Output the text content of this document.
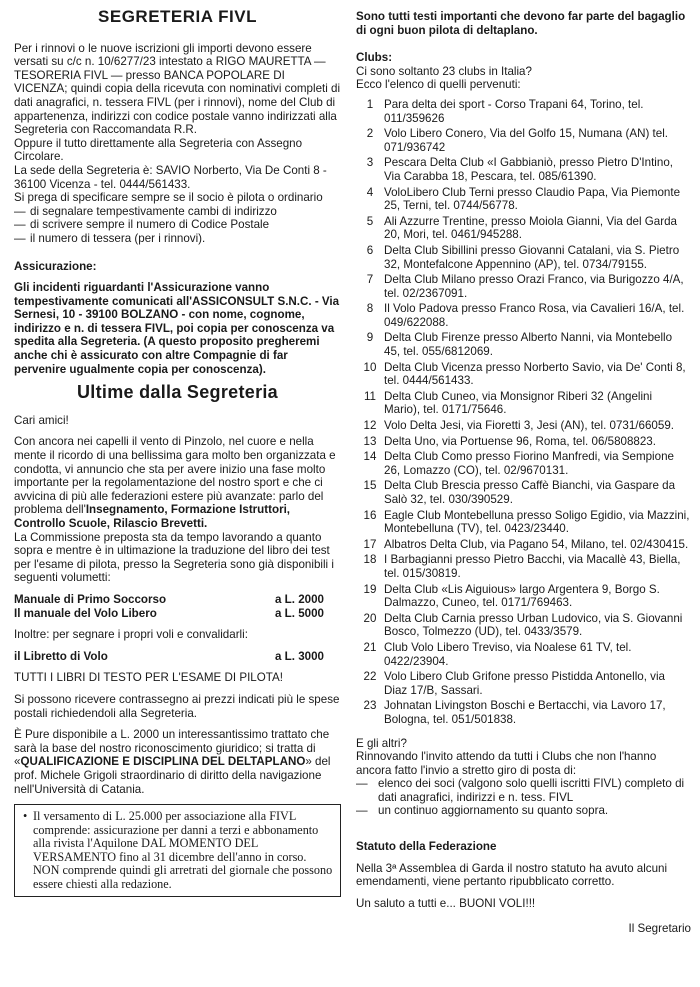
SEGRETERIA FIVL

Per i rinnovi o le nuove iscrizioni gli importi devono essere versati su c/c n. 10/6277/23 intestato a RIGO MAURETTA — TESORERIA FIVL — presso BANCA POPOLARE DI VICENZA; quindi copia della ricevuta con nominativi completi di dati anagrafici, n. tessera FIVL (per i rinnovi), nome del Club di appartenenza, indirizzi con codice postale vanno indirizzati alla Segreteria con Raccomandata R.R.

Oppure il tutto direttamente alla Segreteria con Assegno Circolare.

La sede della Segreteria è: SAVIO Norberto, Via De Conti 8 - 36100 Vicenza - tel. 0444/561433.

Si prega di specificare sempre se il socio è pilota o ordinario

— di segnalare tempestivamente cambi di indirizzo
— di scrivere sempre il numero di Codice Postale
— il numero di tessera (per i rinnovi).

Assicurazione:

Gli incidenti riguardanti l'Assicurazione vanno tempestivamente comunicati all'ASSICONSULT S.N.C. - Via Sernesi, 10 - 39100 BOLZANO - con nome, cognome, indirizzo e n. di tessera FIVL, poi copia per conoscenza va spedita alla Segreteria. (A questo proposito pregheremi anche chi è assicurato con altre Compagnie di far pervenire ugualmente copia per conoscenza).

Ultime dalla Segreteria

Cari amici!

Con ancora nei capelli il vento di Pinzolo, nel cuore e nella mente il ricordo di una bellissima gara molto ben organizzata e condotta, vi annuncio che sta per avere inizio una fase molto importante per la regolamentazione del nostro sport e che ci avvicina di più alle federazioni estere più avanzate: parlo del problema dell'Insegnamento, Formazione Istruttori, Controllo Scuole, Rilascio Brevetti.

La Commissione preposta sta da tempo lavorando a quanto sopra e mentre è in ultimazione la traduzione del libro dei test per l'esame di pilota, presso la Segreteria sono già disponibili i seguenti volumetti:

Manuale di Primo Soccorso	a L. 2000
Il manuale del Volo Libero	a L. 5000

Inoltre: per segnare i propri voli e convalidarli:

il Libretto di Volo	a L. 3000

TUTTI I LIBRI DI TESTO PER L'ESAME DI PILOTA!

Si possono ricevere contrassegno ai prezzi indicati più le spese postali richiedendoli alla Segreteria.

È Pure disponibile a L. 2000 un interessantissimo trattato che sarà la base del nostro riconoscimento giuridico; si tratta di «QUALIFICAZIONE E DISCIPLINA DEL DELTAPLANO» del prof. Michele Grigoli straordinario di diritto della navigazione nell'Università di Catania.

• Il versamento di L. 25.000 per associazione alla FIVL comprende: assicurazione per danni a terzi e abbonamento alla rivista l'Aquilone DAL MOMENTO DEL VERSAMENTO fino al 31 dicembre dell'anno in corso. NON comprende quindi gli arretrati del giornale che possono essere chiesti alla redazione.

Sono tutti testi importanti che devono far parte del bagaglio di ogni buon pilota di deltaplano.

Clubs:

Ci sono soltanto 23 clubs in Italia?

Ecco l'elenco di quelli pervenuti:

1 Para delta dei sport - Corso Trapani 64, Torino, tel. 011/359626
2 Volo Libero Conero, Via del Golfo 15, Numana (AN) tel. 071/936742
3 Pescara Delta Club «I Gabbianiò, presso Pietro D'Intino, Via Carabba 18, Pescara, tel. 085/61390.
4 VoloLibero Club Terni presso Claudio Papa, Via Piemonte 25, Terni, tel. 0744/56778.
5 Ali Azzurre Trentine, presso Moiola Gianni, Via del Garda 20, Mori, tel. 0461/945288.
6 Delta Club Sibillini presso Giovanni Catalani, via S. Pietro 32, Montefalcone Appennino (AP), tel. 0734/79155.
7 Delta Club Milano presso Orazi Franco, via Burigozzo 4/A, tel. 02/2367091.
8 Il Volo Padova presso Franco Rosa, via Cavalieri 16/A, tel. 049/622088.
9 Delta Club Firenze presso Alberto Nanni, via Montebello 45, tel. 055/6812069.
10 Delta Club Vicenza presso Norberto Savio, via De' Conti 8, tel. 0444/561433.
11 Delta Club Cuneo, via Monsignor Riberi 32 (Angelini Mario), tel. 0171/75646.
12 Volo Delta Jesi, via Fioretti 3, Jesi (AN), tel. 0731/66059.
13 Delta Uno, via Portuense 96, Roma, tel. 06/5808823.
14 Delta Club Como presso Fiorino Manfredi, via Sempione 26, Lomazzo (CO), tel. 02/9670131.
15 Delta Club Brescia presso Caffè Bianchi, via Gaspare da Salò 32, tel. 030/390529.
16 Eagle Club Montebelluna presso Soligo Egidio, via Mazzini, Montebelluna (TV), tel. 0423/23440.
17 Albatros Delta Club, via Pagano 54, Milano, tel. 02/430415.
18 I Barbagianni presso Pietro Bacchi, via Macallè 43, Biella, tel. 015/30819.
19 Delta Club «Lis Aiguious» largo Argentera 9, Borgo S. Dalmazzo, Cuneo, tel. 0171/769463.
20 Delta Club Carnia presso Urban Ludovico, via S. Giovanni Bosco, Tolmezzo (UD), tel. 0433/3579.
21 Club Volo Libero Treviso, via Noalese 61 TV, tel. 0422/23904.
22 Volo Libero Club Grifone presso Pistidda Antonello, via Diaz 17/B, Sassari.
23 Johnatan Livingston Boschi e Bertacchi, via Lavoro 17, Bologna, tel. 051/501838.

E gli altri?

Rinnovando l'invito attendo da tutti i Clubs che non l'hanno ancora fatto l'invio a stretto giro di posta di:

— elenco dei soci (valgono solo quelli iscritti FIVL) completo di dati anagrafici, indirizzi e n. tess. FIVL
— un continuo aggiornamento su quanto sopra.

Statuto della Federazione

Nella 3ª Assemblea di Garda il nostro statuto ha avuto alcuni emendamenti, viene pertanto ripubblicato corretto.

Un saluto a tutti e... BUONI VOLI!!!

Il Segretario
